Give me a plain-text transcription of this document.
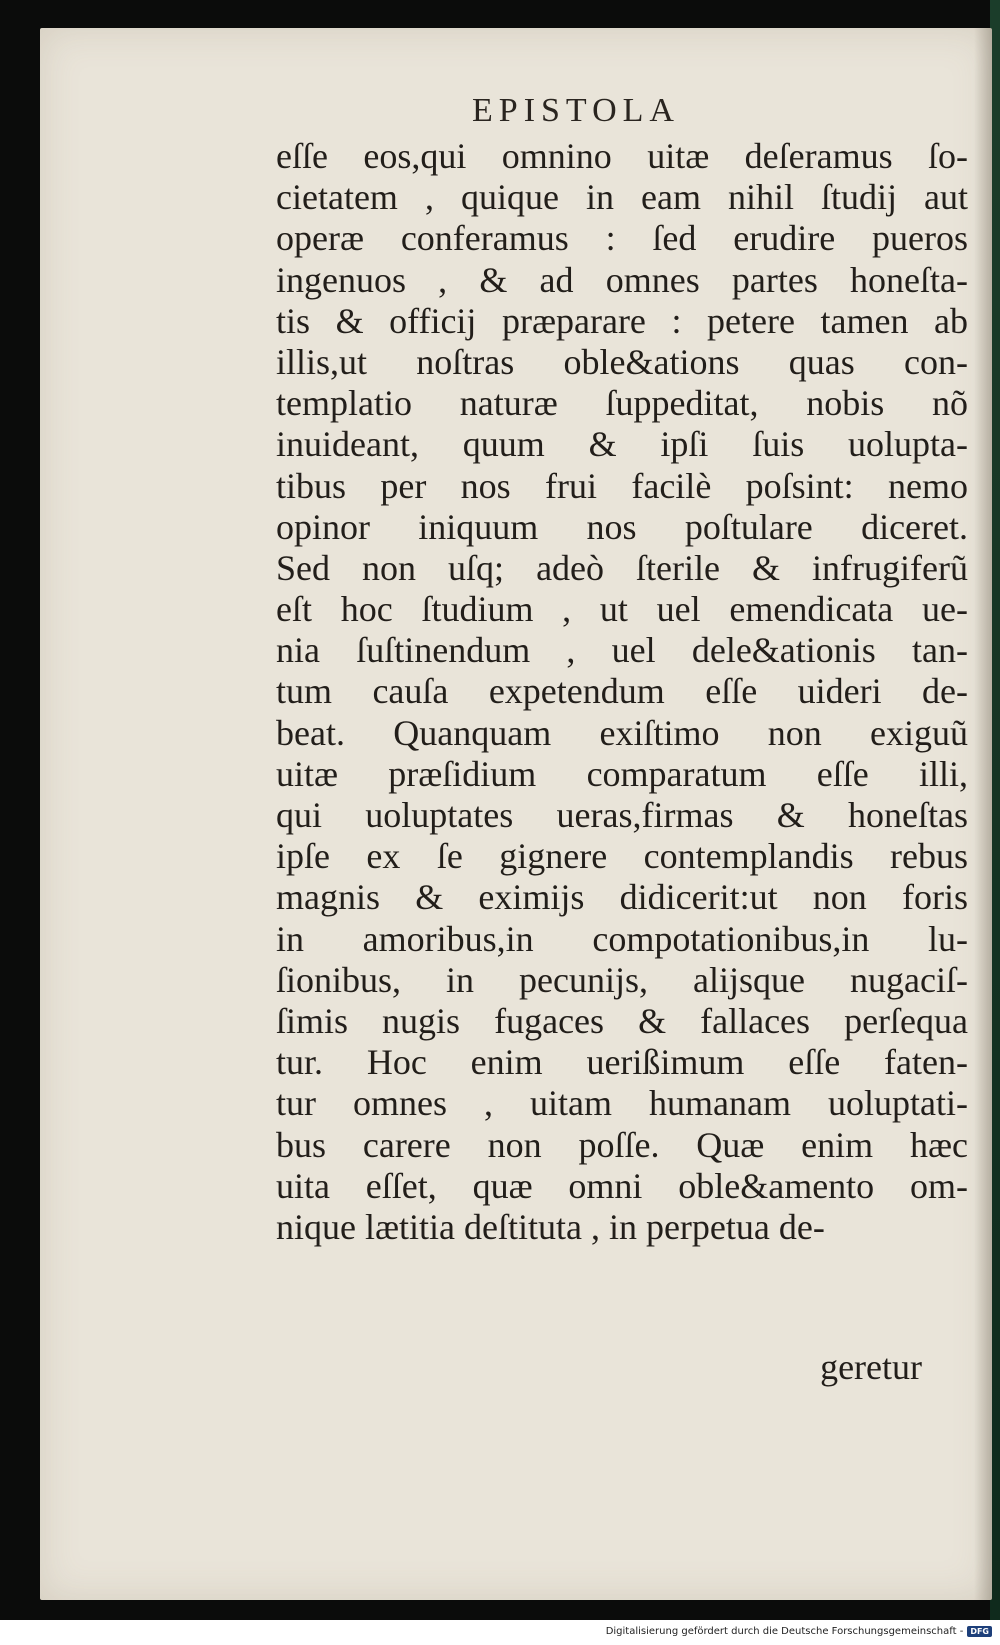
EPISTOLA
eſſe eos,qui omnino uitæ deſeramus ſo-
cietatem , quique in eam nihil ſtudij aut
operæ conferamus : ſed erudire pueros
ingenuos , & ad omnes partes honeſta-
tis & officij præparare : petere tamen ab
illis,ut noſtras oble&ations quas con-
templatio naturæ ſuppeditat, nobis nõ
inuideant, quum & ipſi ſuis uolupta-
tibus per nos frui facilè poſsint: nemo
opinor iniquum nos poſtulare diceret.
Sed non uſq; adeò ſterile & infrugiferũ
eſt hoc ſtudium , ut uel emendicata ue-
nia ſuſtinendum , uel dele&ationis tan-
tum cauſa expetendum eſſe uideri de-
beat. Quanquam exiſtimo non exiguũ
uitæ præſidium comparatum eſſe illi,
qui uoluptates ueras,firmas & honeſtas
ipſe ex ſe gignere contemplandis rebus
magnis & eximijs didicerit:ut non foris
in amoribus,in compotationibus,in lu-
ſionibus, in pecunijs, alijsque nugaciſ-
ſimis nugis fugaces & fallaces perſequa
tur. Hoc enim uerißimum eſſe faten-
tur omnes , uitam humanam uoluptati-
bus carere non poſſe. Quæ enim hæc
uita eſſet, quæ omni oble&amento om-
nique lætitia deſtituta , in perpetua de-
geretur
Digitalisierung gefördert durch die Deutsche Forschungsgemeinschaft - DFG
